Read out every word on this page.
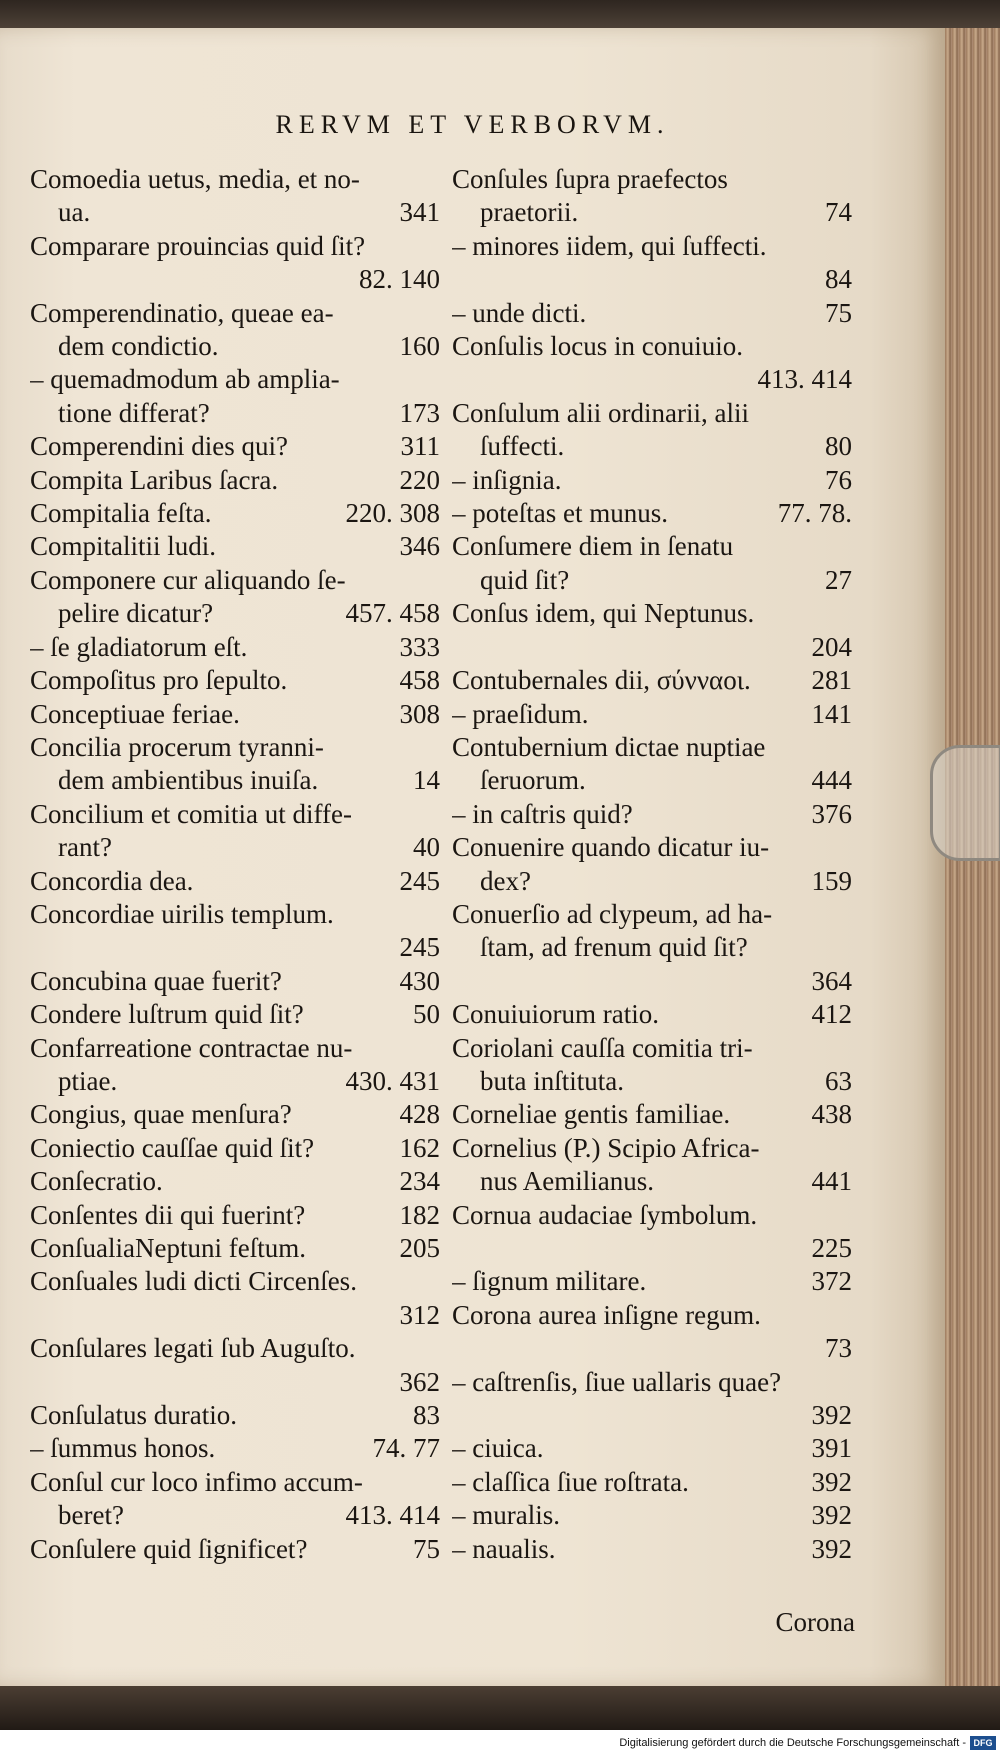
RERVM ET VERBORVM.
Comoedia uetus, media, et no-
341
ua.
Comparare prouincias quid ſit?
82. 140
Comperendinatio, queae ea-
160
dem condictio.
– quemadmodum ab amplia-
173
tione differat?
311
Comperendini dies qui?
220
Compita Laribus ſacra.
220. 308
Compitalia feſta.
346
Compitalitii ludi.
Componere cur aliquando ſe-
457. 458
pelire dicatur?
333
– ſe gladiatorum eſt.
458
Compoſitus pro ſepulto.
308
Conceptiuae feriae.
Concilia procerum tyranni-
14
dem ambientibus inuiſa.
Concilium et comitia ut diffe-
40
rant?
245
Concordia dea.
Concordiae uirilis templum.
245
430
Concubina quae fuerit?
50
Condere luſtrum quid ſit?
Confarreatione contractae nu-
430. 431
ptiae.
428
Congius, quae menſura?
162
Coniectio cauſſae quid ſit?
234
Conſecratio.
182
Conſentes dii qui fuerint?
205
ConſualiaNeptuni feſtum.
Conſuales ludi dicti Circenſes.
312
Conſulares legati ſub Auguſto.
362
83
Conſulatus duratio.
74. 77
– ſummus honos.
Conſul cur loco infimo accum-
413. 414
beret?
75
Conſulere quid ſignificet?
Conſules ſupra praefectos
74
praetorii.
– minores iidem, qui ſuffecti.
84
75
– unde dicti.
Conſulis locus in conuiuio.
413. 414
Conſulum alii ordinarii, alii
80
ſuffecti.
76
– inſignia.
77. 78.
– poteſtas et munus.
Conſumere diem in ſenatu
27
quid ſit?
Conſus idem, qui Neptunus.
204
281
Contubernales dii, σύνναοι.
141
– praeſidum.
Contubernium dictae nuptiae
444
ſeruorum.
376
– in caſtris quid?
Conuenire quando dicatur iu-
159
dex?
Conuerſio ad clypeum, ad ha-
ſtam, ad frenum quid ſit?
364
412
Conuiuiorum ratio.
Coriolani cauſſa comitia tri-
63
buta inſtituta.
438
Corneliae gentis familiae.
Cornelius (P.) Scipio Africa-
441
nus Aemilianus.
Cornua audaciae ſymbolum.
225
372
– ſignum militare.
Corona aurea inſigne regum.
73
– caſtrenſis, ſiue uallaris quae?
392
391
– ciuica.
392
– claſſica ſiue roſtrata.
392
– muralis.
392
– naualis.
Corona
Digitalisierung gefördert durch die Deutsche Forschungsgemeinschaft - DFG
